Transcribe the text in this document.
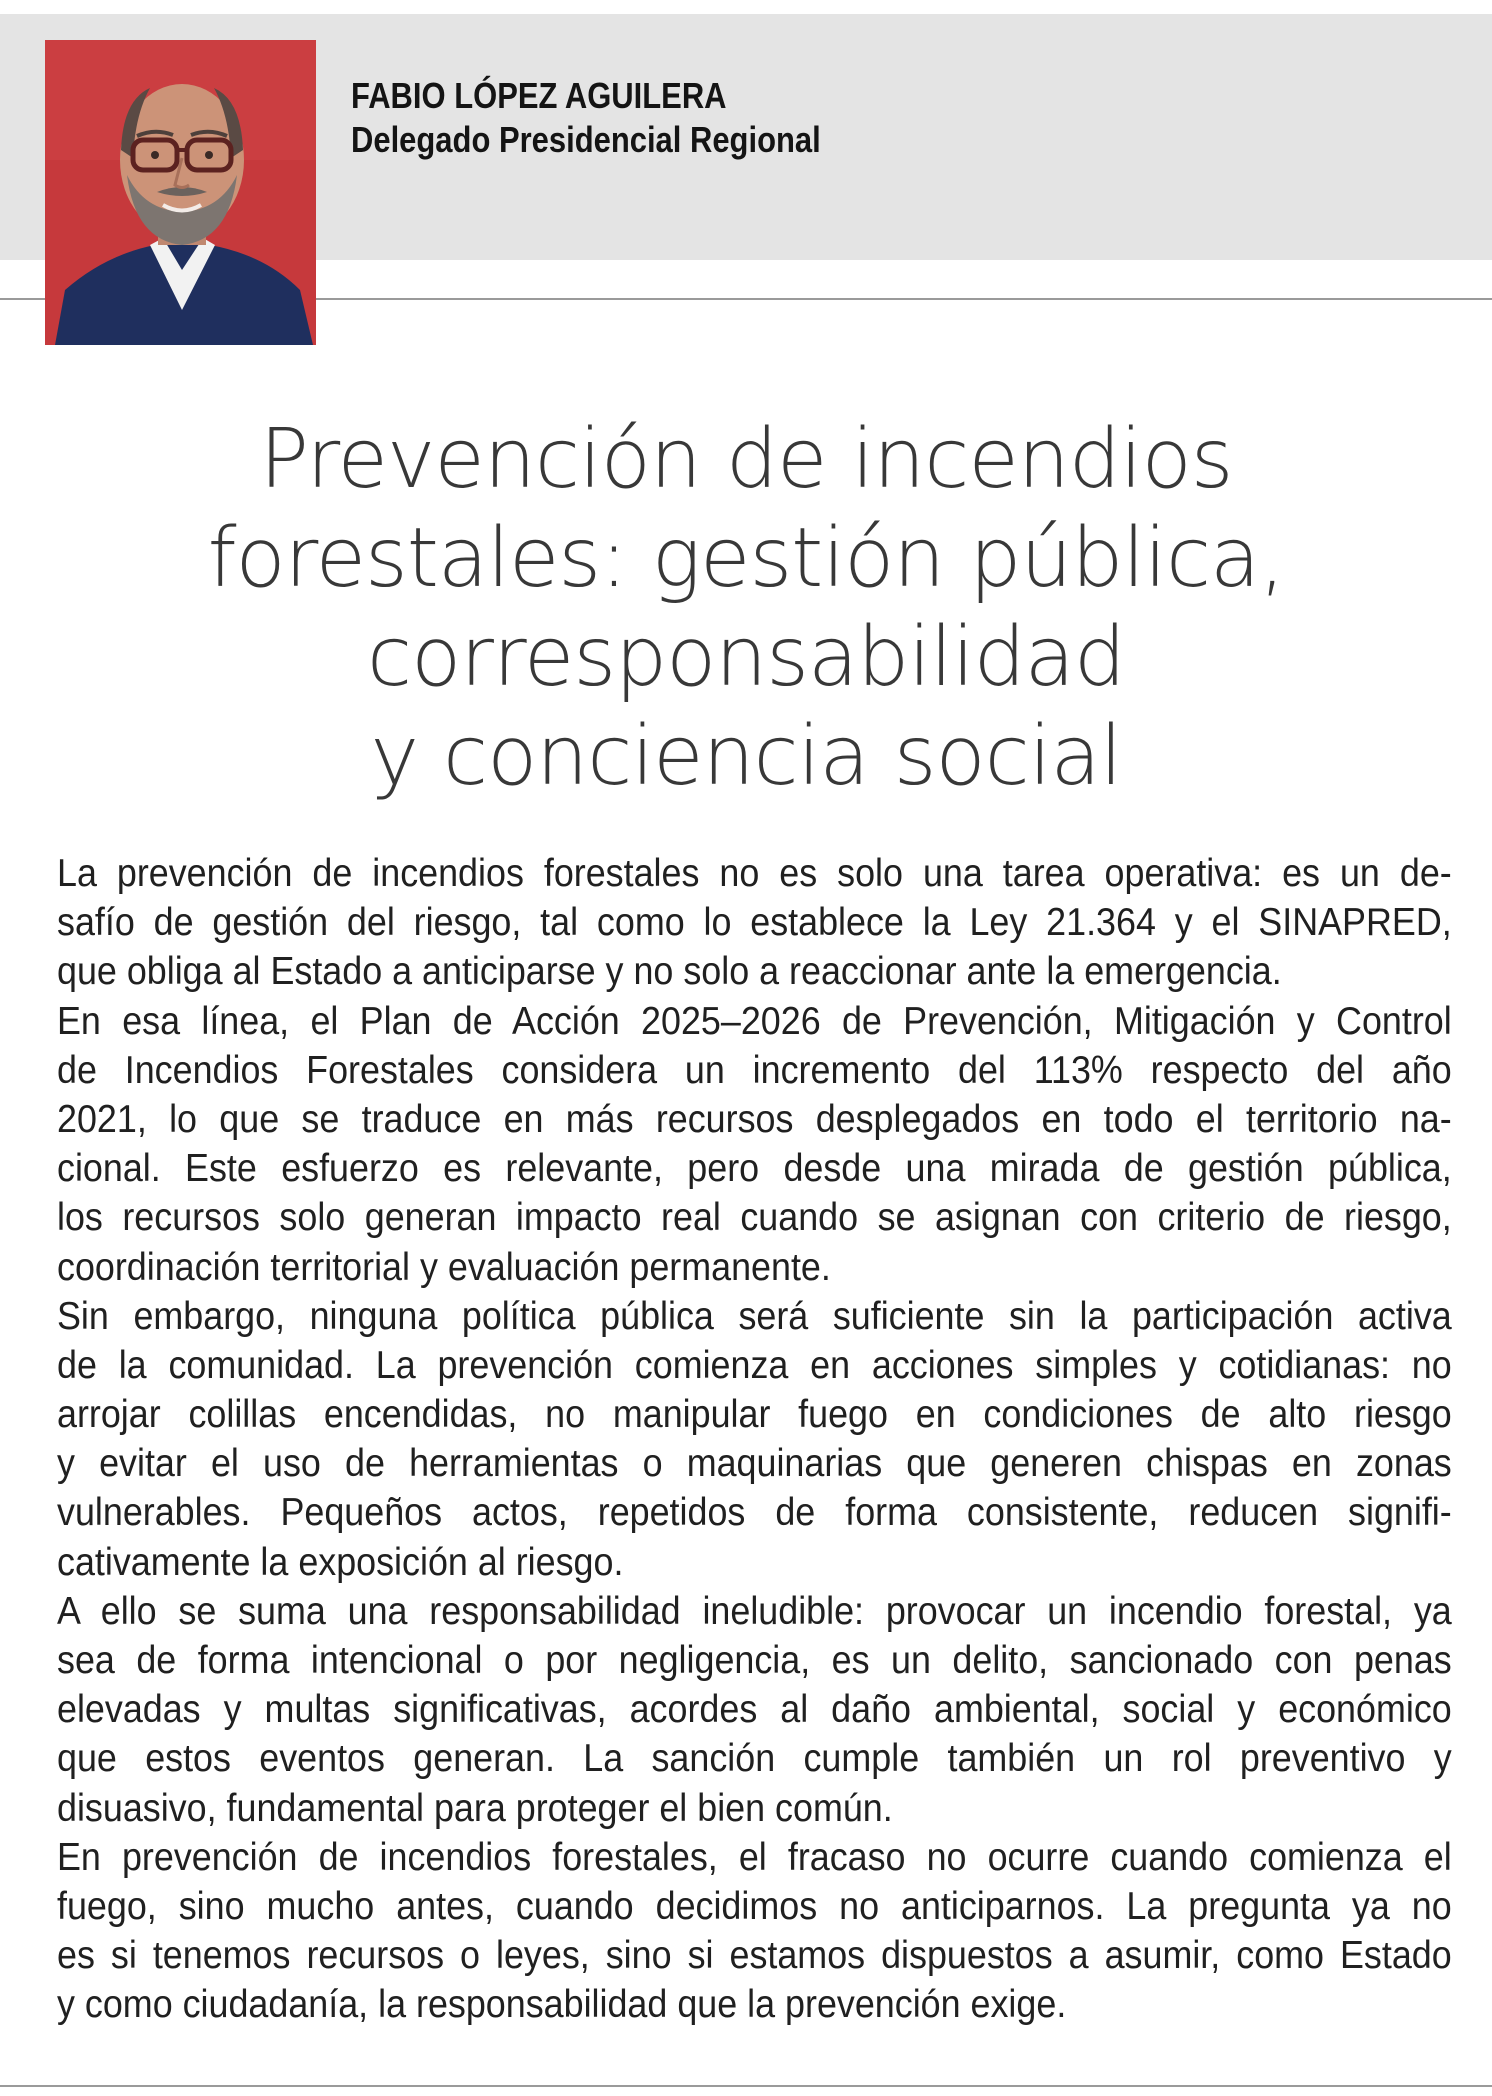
FABIO LÓPEZ AGUILERA
Delegado Presidencial Regional
Prevención de incendios
forestales: gestión pública,
corresponsabilidad
y conciencia social
La prevención de incendios forestales no es solo una tarea operativa: es un de-
safío de gestión del riesgo, tal como lo establece la Ley 21.364 y el SINAPRED,
que obliga al Estado a anticiparse y no solo a reaccionar ante la emergencia.
En esa línea, el Plan de Acción 2025–2026 de Prevención, Mitigación y Control
de Incendios Forestales considera un incremento del 113% respecto del año
2021, lo que se traduce en más recursos desplegados en todo el territorio na-
cional. Este esfuerzo es relevante, pero desde una mirada de gestión pública,
los recursos solo generan impacto real cuando se asignan con criterio de riesgo,
coordinación territorial y evaluación permanente.
Sin embargo, ninguna política pública será suficiente sin la participación activa
de la comunidad. La prevención comienza en acciones simples y cotidianas: no
arrojar colillas encendidas, no manipular fuego en condiciones de alto riesgo
y evitar el uso de herramientas o maquinarias que generen chispas en zonas
vulnerables. Pequeños actos, repetidos de forma consistente, reducen signifi-
cativamente la exposición al riesgo.
A ello se suma una responsabilidad ineludible: provocar un incendio forestal, ya
sea de forma intencional o por negligencia, es un delito, sancionado con penas
elevadas y multas significativas, acordes al daño ambiental, social y económico
que estos eventos generan. La sanción cumple también un rol preventivo y
disuasivo, fundamental para proteger el bien común.
En prevención de incendios forestales, el fracaso no ocurre cuando comienza el
fuego, sino mucho antes, cuando decidimos no anticiparnos. La pregunta ya no
es si tenemos recursos o leyes, sino si estamos dispuestos a asumir, como Estado
y como ciudadanía, la responsabilidad que la prevención exige.
